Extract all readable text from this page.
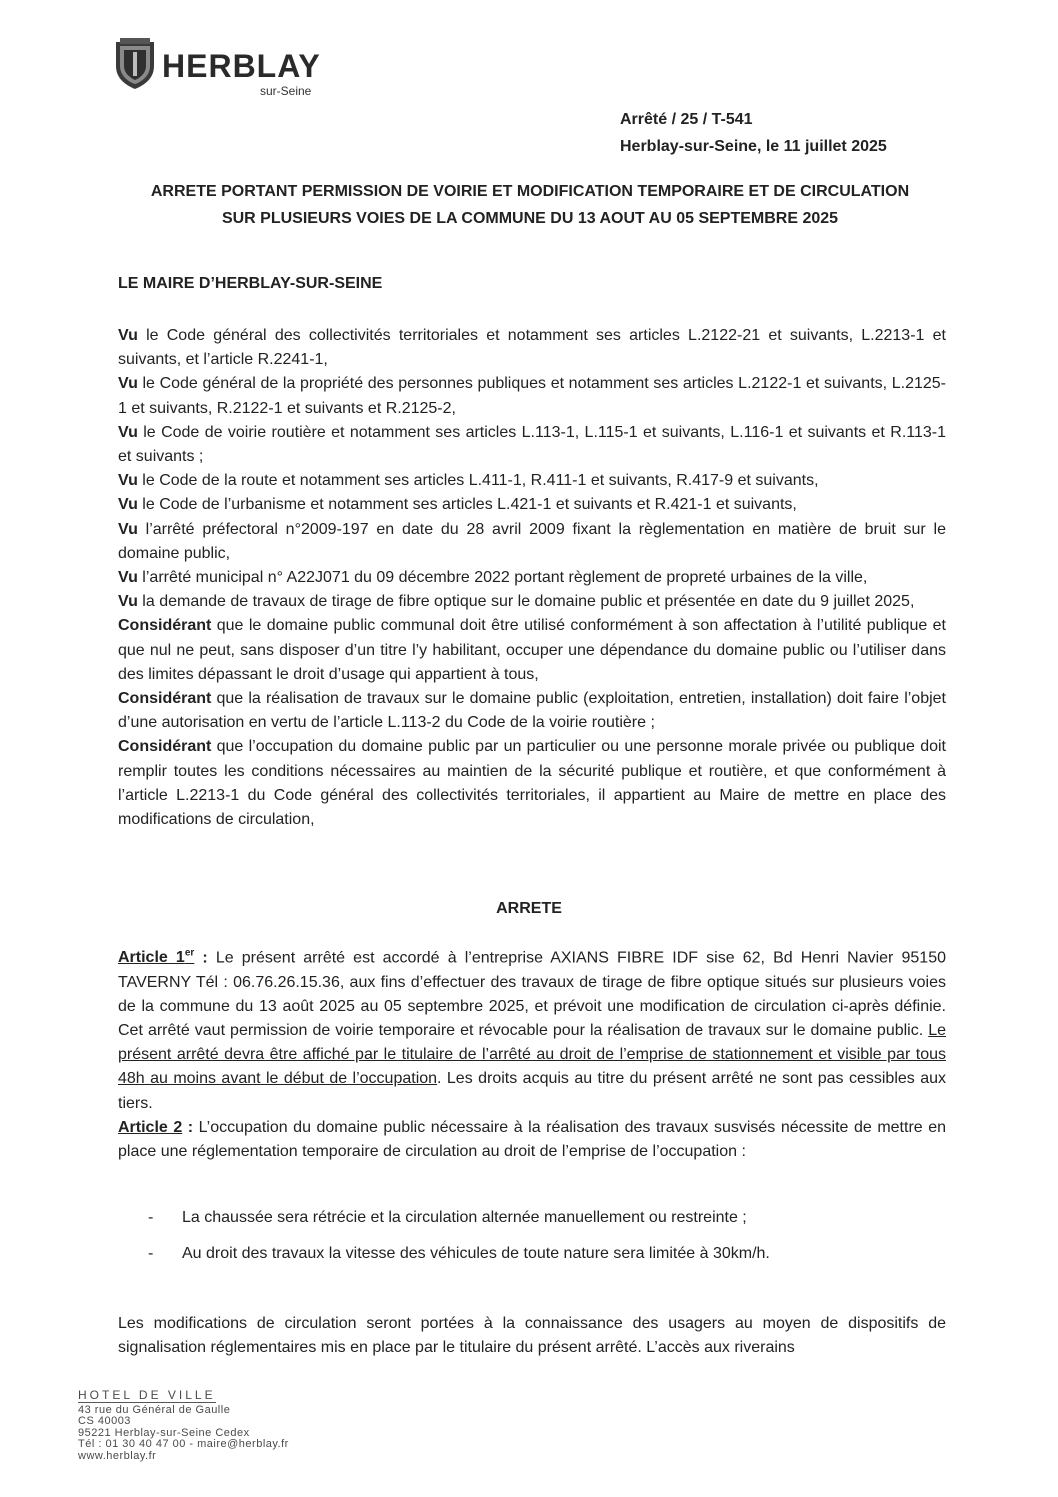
HERBLAY
sur-Seine
Arrêté / 25 / T-541
Herblay-sur-Seine, le 11 juillet 2025
ARRETE PORTANT PERMISSION DE VOIRIE ET MODIFICATION TEMPORAIRE ET DE CIRCULATION
SUR PLUSIEURS VOIES DE LA COMMUNE DU 13 AOUT AU 05 SEPTEMBRE 2025
LE MAIRE D’HERBLAY-SUR-SEINE

Vu le Code général des collectivités territoriales et notamment ses articles L.2122-21 et suivants, L.2213-1 et suivants, et l’article R.2241-1,

Vu le Code général de la propriété des personnes publiques et notamment ses articles L.2122-1 et suivants, L.2125-1 et suivants, R.2122-1 et suivants et R.2125-2,

Vu le Code de voirie routière et notamment ses articles L.113-1, L.115-1 et suivants, L.116-1 et suivants et R.113-1 et suivants ;

Vu le Code de la route et notamment ses articles L.411-1, R.411-1 et suivants, R.417-9 et suivants,

Vu le Code de l’urbanisme et notamment ses articles L.421-1 et suivants et R.421-1 et suivants,

Vu l’arrêté préfectoral n°2009-197 en date du 28 avril 2009 fixant la règlementation en matière de bruit sur le domaine public,

Vu l’arrêté municipal n° A22J071 du 09 décembre 2022 portant règlement de propreté urbaines de la ville,

Vu la demande de travaux de tirage de fibre optique sur le domaine public et présentée en date du 9 juillet 2025,

Considérant que le domaine public communal doit être utilisé conformément à son affectation à l’utilité publique et que nul ne peut, sans disposer d’un titre l’y habilitant, occuper une dépendance du domaine public ou l’utiliser dans des limites dépassant le droit d’usage qui appartient à tous,

Considérant que la réalisation de travaux sur le domaine public (exploitation, entretien, installation) doit faire l’objet d’une autorisation en vertu de l’article L.113-2 du Code de la voirie routière ;

Considérant que l’occupation du domaine public par un particulier ou une personne morale privée ou publique doit remplir toutes les conditions nécessaires au maintien de la sécurité publique et routière, et que conformément à l’article L.2213-1 du Code général des collectivités territoriales, il appartient au Maire de mettre en place des modifications de circulation,

ARRETE

Article 1er : Le présent arrêté est accordé à l’entreprise AXIANS FIBRE IDF sise 62, Bd Henri Navier 95150 TAVERNY Tél : 06.76.26.15.36, aux fins d’effectuer des travaux de tirage de fibre optique situés sur plusieurs voies de la commune du 13 août 2025 au 05 septembre 2025, et prévoit une modification de circulation ci-après définie. Cet arrêté vaut permission de voirie temporaire et révocable pour la réalisation de travaux sur le domaine public. Le présent arrêté devra être affiché par le titulaire de l’arrêté au droit de l’emprise de stationnement et visible par tous 48h au moins avant le début de l’occupation. Les droits acquis au titre du présent arrêté ne sont pas cessibles aux tiers.

Article 2 : L’occupation du domaine public nécessaire à la réalisation des travaux susvisés nécessite de mettre en place une réglementation temporaire de circulation au droit de l’emprise de l’occupation :

- La chaussée sera rétrécie et la circulation alternée manuellement ou restreinte ;
- Au droit des travaux la vitesse des véhicules de toute nature sera limitée à 30km/h.

Les modifications de circulation seront portées à la connaissance des usagers au moyen de dispositifs de signalisation réglementaires mis en place par le titulaire du présent arrêté. L’accès aux riverains

HOTEL DE VILLE
43 rue du Général de Gaulle
CS 40003
95221 Herblay-sur-Seine Cedex
Tél : 01 30 40 47 00 - maire@herblay.fr
www.herblay.fr
